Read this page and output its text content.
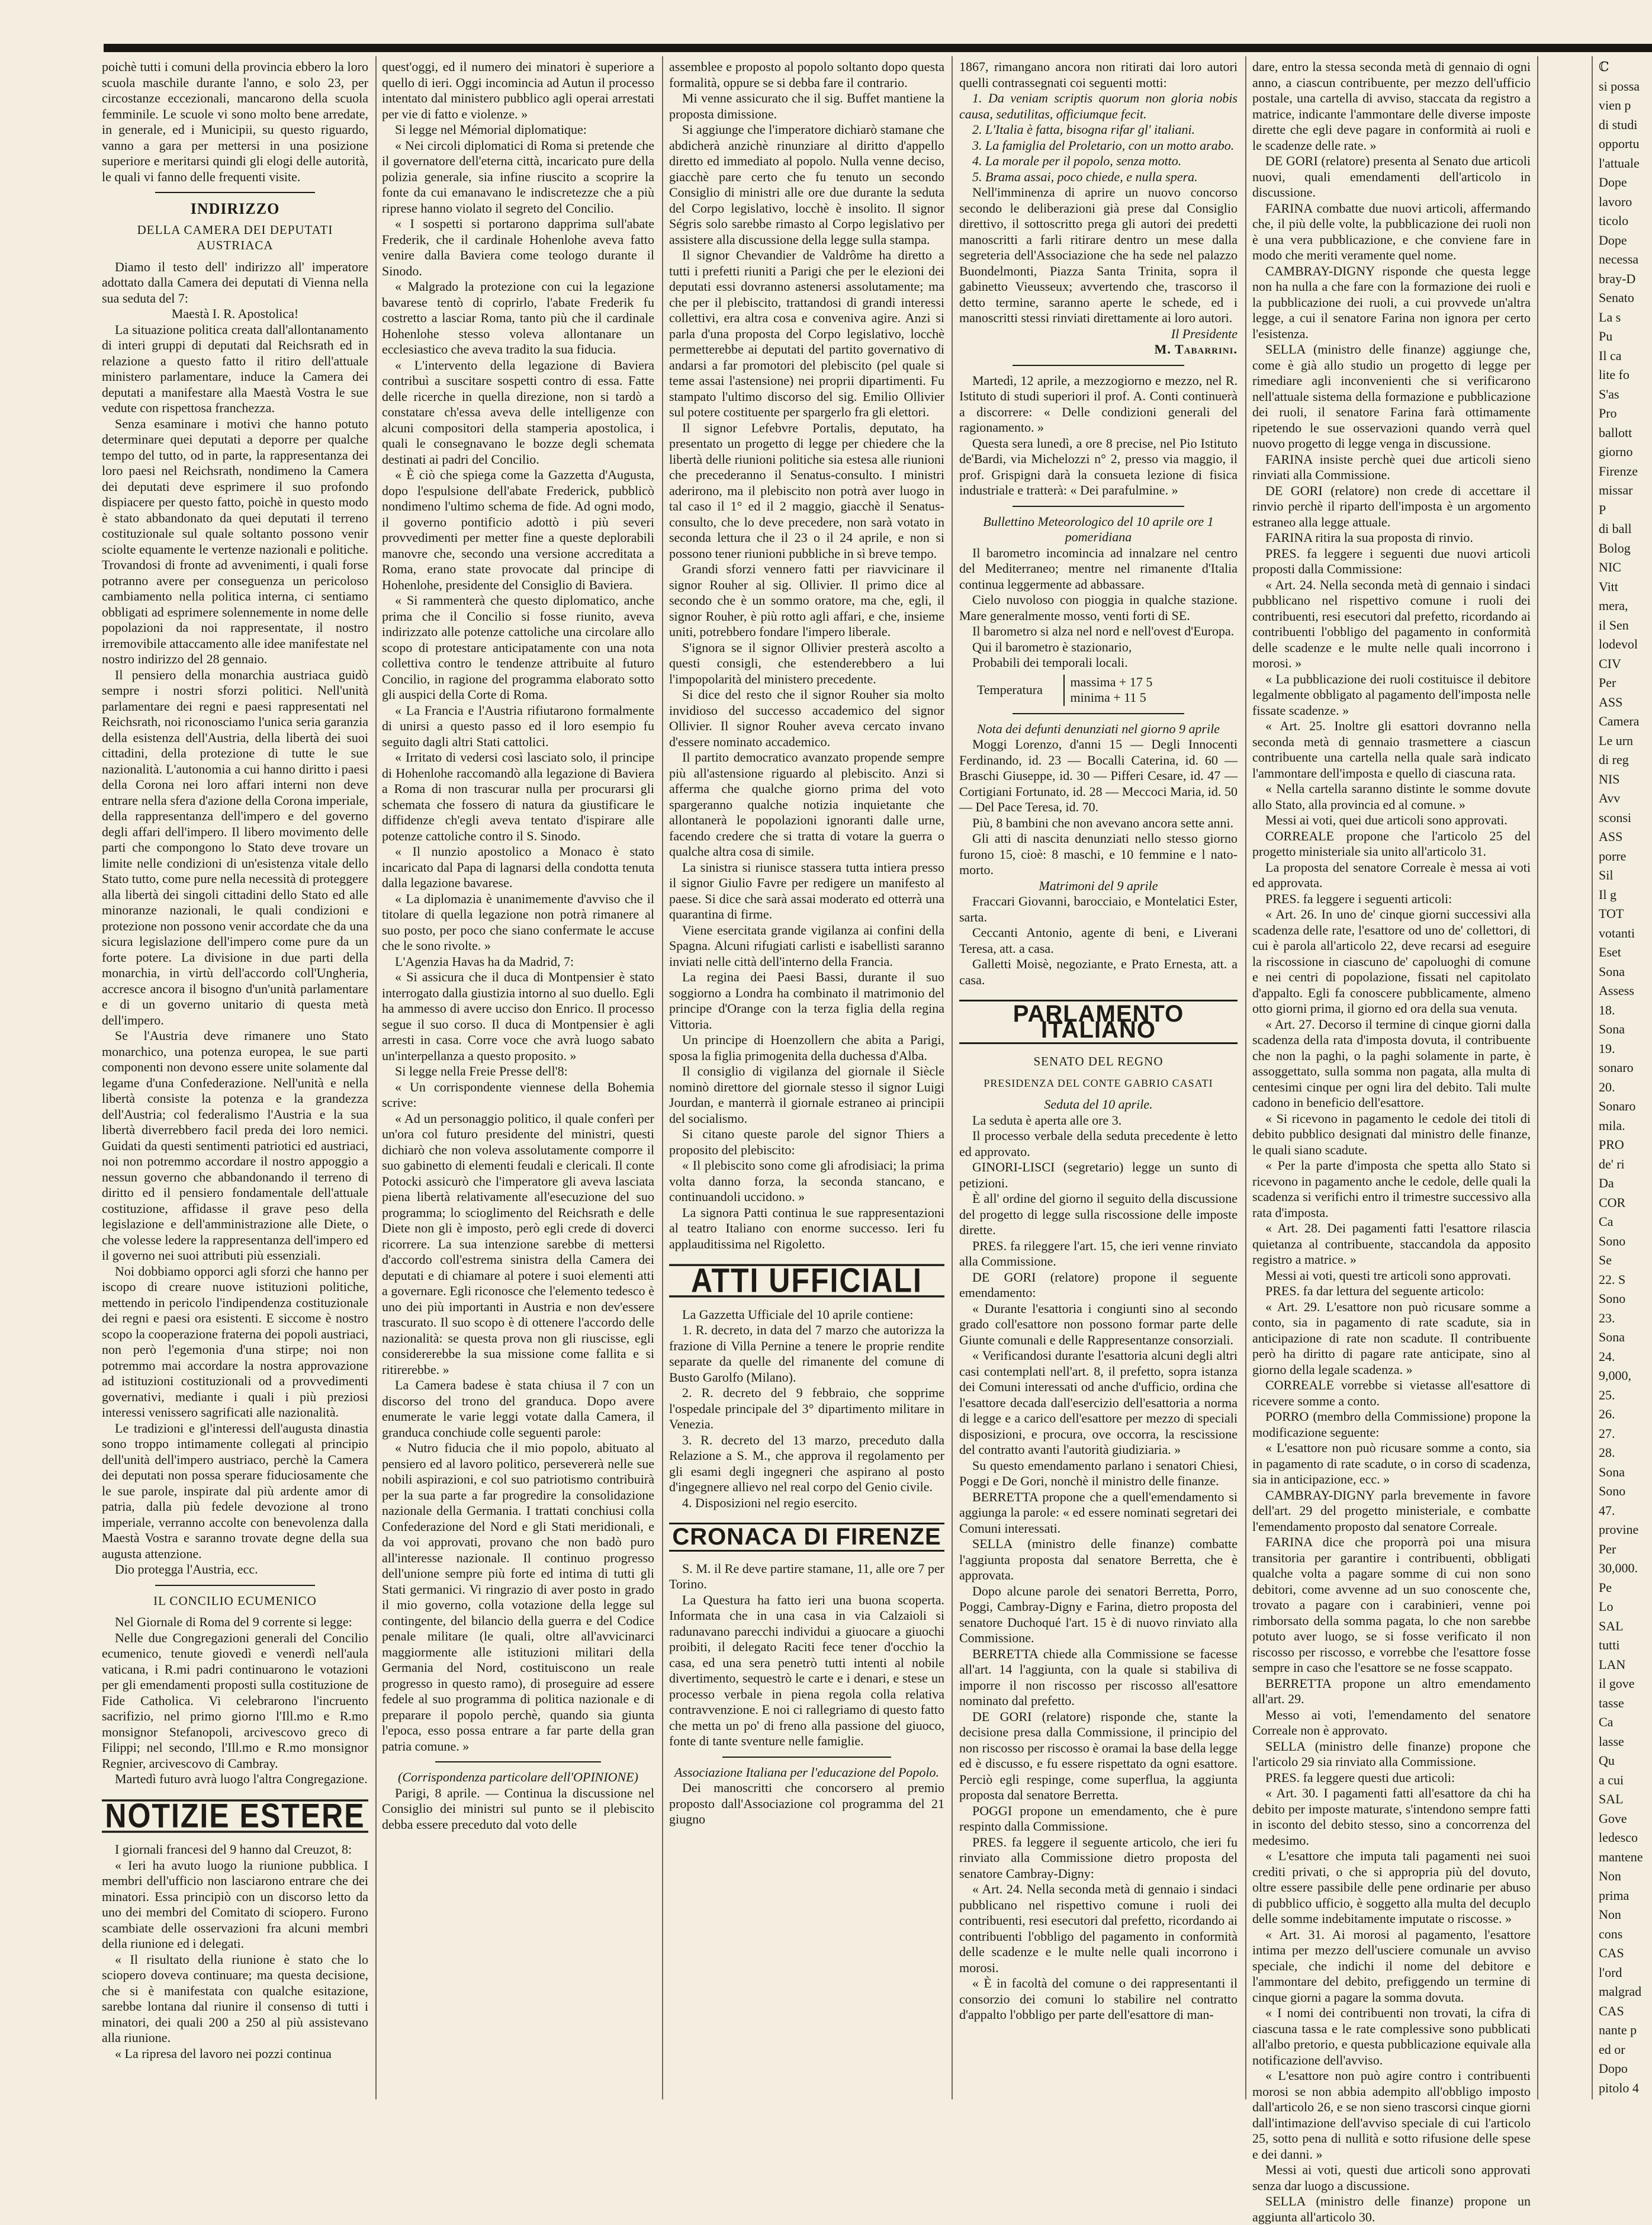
poichè tutti i comuni della provincia ebbero la loro scuola maschile durante l'anno, e solo 23, per circostanze eccezionali, mancarono della scuola femminile. Le scuole vi sono molto bene arredate, in generale, ed i Municipii, su questo riguardo, vanno a gara per mettersi in una posizione superiore e meritarsi quindi gli elogi delle autorità, le quali vi fanno delle frequenti visite.

INDIRIZZO
DELLA CAMERA DEI DEPUTATI AUSTRIACA

Diamo il testo dell' indirizzo all' imperatore adottato dalla Camera dei deputati di Vienna nella sua seduta del 7:

Maestà I. R. Apostolica!

La situazione politica creata dall'allontanamento di interi gruppi di deputati dal Reichsrath ed in relazione a questo fatto il ritiro dell'attuale ministero parlamentare, induce la Camera dei deputati a manifestare alla Maestà Vostra le sue vedute con rispettosa franchezza.

Senza esaminare i motivi che hanno potuto determinare quei deputati a deporre per qualche tempo del tutto, od in parte, la rappresentanza dei loro paesi nel Reichsrath, nondimeno la Camera dei deputati deve esprimere il suo profondo dispiacere per questo fatto, poichè in questo modo è stato abbandonato da quei deputati il terreno costituzionale sul quale soltanto possono venir sciolte equamente le vertenze nazionali e politiche. Trovandosi di fronte ad avvenimenti, i quali forse potranno avere per conseguenza un pericoloso cambiamento nella politica interna, ci sentiamo obbligati ad esprimere solennemente in nome delle popolazioni da noi rappresentate, il nostro irremovibile attaccamento alle idee manifestate nel nostro indirizzo del 28 gennaio.

Il pensiero della monarchia austriaca guidò sempre i nostri sforzi politici. Nell'unità parlamentare dei regni e paesi rappresentati nel Reichsrath, noi riconosciamo l'unica seria garanzia della esistenza dell'Austria, della libertà dei suoi cittadini, della protezione di tutte le sue nazionalità. L'autonomia a cui hanno diritto i paesi della Corona nei loro affari interni non deve entrare nella sfera d'azione della Corona imperiale, della rappresentanza dell'impero e del governo degli affari dell'impero. Il libero movimento delle parti che compongono lo Stato deve trovare un limite nelle condizioni di un'esistenza vitale dello Stato tutto, come pure nella necessità di proteggere alla libertà dei singoli cittadini dello Stato ed alle minoranze nazionali, le quali condizioni e protezione non possono venir accordate che da una sicura legislazione dell'impero come pure da un forte potere. La divisione in due parti della monarchia, in virtù dell'accordo coll'Ungheria, accresce ancora il bisogno d'un'unità parlamentare e di un governo unitario di questa metà dell'impero.

Se l'Austria deve rimanere uno Stato monarchico, una potenza europea, le sue parti componenti non devono essere unite solamente dal legame d'una Confederazione. Nell'unità e nella libertà consiste la potenza e la grandezza dell'Austria; col federalismo l'Austria e la sua libertà diverrebbero facil preda dei loro nemici. Guidati da questi sentimenti patriotici ed austriaci, noi non potremmo accordare il nostro appoggio a nessun governo che abbandonando il terreno di diritto ed il pensiero fondamentale dell'attuale costituzione, affidasse il grave peso della legislazione e dell'amministrazione alle Diete, o che volesse ledere la rappresentanza dell'impero ed il governo nei suoi attributi più essenziali.

Noi dobbiamo opporci agli sforzi che hanno per iscopo di creare nuove istituzioni politiche, mettendo in pericolo l'indipendenza costituzionale dei regni e paesi ora esistenti. E siccome è nostro scopo la cooperazione fraterna dei popoli austriaci, non però l'egemonia d'una stirpe; noi non potremmo mai accordare la nostra approvazione ad istituzioni costituzionali od a provvedimenti governativi, mediante i quali i più preziosi interessi venissero sagrificati alle nazionalità.

Le tradizioni e gl'interessi dell'augusta dinastia sono troppo intimamente collegati al principio dell'unità dell'impero austriaco, perchè la Camera dei deputati non possa sperare fiduciosamente che le sue parole, inspirate dal più ardente amor di patria, dalla più fedele devozione al trono imperiale, verranno accolte con benevolenza dalla Maestà Vostra e saranno trovate degne della sua augusta attenzione.

Dio protegga l'Austria, ecc.

IL CONCILIO ECUMENICO

Nel Giornale di Roma del 9 corrente si legge:

Nelle due Congregazioni generali del Concilio ecumenico, tenute giovedì e venerdì nell'aula vaticana, i R.mi padri continuarono le votazioni per gli emendamenti proposti sulla costituzione de Fide Catholica. Vi celebrarono l'incruento sacrifizio, nel primo giorno l'Ill.mo e R.mo monsignor Stefanopoli, arcivescovo greco di Filippi; nel secondo, l'Ill.mo e R.mo monsignor Regnier, arcivescovo di Cambray.

Martedì futuro avrà luogo l'altra Congregazione.

NOTIZIE ESTERE

I giornali francesi del 9 hanno dal Creuzot, 8:

« Ieri ha avuto luogo la riunione pubblica. I membri dell'ufficio non lasciarono entrare che dei minatori. Essa principiò con un discorso letto da uno dei membri del Comitato di sciopero. Furono scambiate delle osservazioni fra alcuni membri della riunione ed i delegati.

« Il risultato della riunione è stato che lo sciopero doveva continuare; ma questa decisione, che si è manifestata con qualche esitazione, sarebbe lontana dal riunire il consenso di tutti i minatori, dei quali 200 a 250 al più assistevano alla riunione.

« La ripresa del lavoro nei pozzi continua

quest'oggi, ed il numero dei minatori è superiore a quello di ieri. Oggi incomincia ad Autun il processo intentato dal ministero pubblico agli operai arrestati per vie di fatto e violenze. »

Si legge nel Mémorial diplomatique:

« Nei circoli diplomatici di Roma si pretende che il governatore dell'eterna città, incaricato pure della polizia generale, sia infine riuscito a scoprire la fonte da cui emanavano le indiscretezze che a più riprese hanno violato il segreto del Concilio.

« I sospetti si portarono dapprima sull'abate Frederik, che il cardinale Hohenlohe aveva fatto venire dalla Baviera come teologo durante il Sinodo.

« Malgrado la protezione con cui la legazione bavarese tentò di coprirlo, l'abate Frederik fu costretto a lasciar Roma, tanto più che il cardinale Hohenlohe stesso voleva allontanare un ecclesiastico che aveva tradito la sua fiducia.

« L'intervento della legazione di Baviera contribuì a suscitare sospetti contro di essa. Fatte delle ricerche in quella direzione, non si tardò a constatare ch'essa aveva delle intelligenze con alcuni compositori della stamperia apostolica, i quali le consegnavano le bozze degli schemata destinati ai padri del Concilio.

« È ciò che spiega come la Gazzetta d'Augusta, dopo l'espulsione dell'abate Frederick, pubblicò nondimeno l'ultimo schema de fide. Ad ogni modo, il governo pontificio adottò i più severi provvedimenti per metter fine a queste deplorabili manovre che, secondo una versione accreditata a Roma, erano state provocate dal principe di Hohenlohe, presidente del Consiglio di Baviera.

« Si rammenterà che questo diplomatico, anche prima che il Concilio si fosse riunito, aveva indirizzato alle potenze cattoliche una circolare allo scopo di protestare anticipatamente con una nota collettiva contro le tendenze attribuite al futuro Concilio, in ragione del programma elaborato sotto gli auspici della Corte di Roma.

« La Francia e l'Austria rifiutarono formalmente di unirsi a questo passo ed il loro esempio fu seguito dagli altri Stati cattolici.

« Irritato di vedersi così lasciato solo, il principe di Hohenlohe raccomandò alla legazione di Baviera a Roma di non trascurar nulla per procurarsi gli schemata che fossero di natura da giustificare le diffidenze ch'egli aveva tentato d'ispirare alle potenze cattoliche contro il S. Sinodo.

« Il nunzio apostolico a Monaco è stato incaricato dal Papa di lagnarsi della condotta tenuta dalla legazione bavarese.

« La diplomazia è unanimemente d'avviso che il titolare di quella legazione non potrà rimanere al suo posto, per poco che siano confermate le accuse che le sono rivolte. »

L'Agenzia Havas ha da Madrid, 7:

« Si assicura che il duca di Montpensier è stato interrogato dalla giustizia intorno al suo duello. Egli ha ammesso di avere ucciso don Enrico. Il processo segue il suo corso. Il duca di Montpensier è agli arresti in casa. Corre voce che avrà luogo sabato un'interpellanza a questo proposito. »

Si legge nella Freie Presse dell'8:

« Un corrispondente viennese della Bohemia scrive:

« Ad un personaggio politico, il quale conferì per un'ora col futuro presidente del ministri, questi dichiarò che non voleva assolutamente comporre il suo gabinetto di elementi feudali e clericali. Il conte Potocki assicurò che l'imperatore gli aveva lasciata piena libertà relativamente all'esecuzione del suo programma; lo scioglimento del Reichsrath e delle Diete non gli è imposto, però egli crede di doverci ricorrere. La sua intenzione sarebbe di mettersi d'accordo coll'estrema sinistra della Camera dei deputati e di chiamare al potere i suoi elementi atti a governare. Egli riconosce che l'elemento tedesco è uno dei più importanti in Austria e non dev'essere trascurato. Il suo scopo è di ottenere l'accordo delle nazionalità: se questa prova non gli riuscisse, egli considererebbe la sua missione come fallita e si ritirerebbe. »

La Camera badese è stata chiusa il 7 con un discorso del trono del granduca. Dopo avere enumerate le varie leggi votate dalla Camera, il granduca conchiude colle seguenti parole:

« Nutro fiducia che il mio popolo, abituato al pensiero ed al lavoro politico, persevererà nelle sue nobili aspirazioni, e col suo patriotismo contribuirà per la sua parte a far progredire la consolidazione nazionale della Germania. I trattati conchiusi colla Confederazione del Nord e gli Stati meridionali, e da voi approvati, provano che non badò puro all'interesse nazionale. Il continuo progresso dell'unione sempre più forte ed intima di tutti gli Stati germanici. Vi ringrazio di aver posto in grado il mio governo, colla votazione della legge sul contingente, del bilancio della guerra e del Codice penale militare (le quali, oltre all'avvicinarci maggiormente alle istituzioni militari della Germania del Nord, costituiscono un reale progresso in questo ramo), di proseguire ad essere fedele al suo programma di politica nazionale e di preparare il popolo perchè, quando sia giunta l'epoca, esso possa entrare a far parte della gran patria comune. »

(Corrispondenza particolare dell'OPINIONE)

Parigi, 8 aprile. — Continua la discussione nel Consiglio dei ministri sul punto se il plebiscito debba essere preceduto dal voto delle

assemblee e proposto al popolo soltanto dopo questa formalità, oppure se si debba fare il contrario.

Mi venne assicurato che il sig. Buffet mantiene la proposta dimissione.

Si aggiunge che l'imperatore dichiarò stamane che abdicherà anzichè rinunziare al diritto d'appello diretto ed immediato al popolo. Nulla venne deciso, giacchè pare certo che fu tenuto un secondo Consiglio di ministri alle ore due durante la seduta del Corpo legislativo, locchè è insolito. Il signor Ségris solo sarebbe rimasto al Corpo legislativo per assistere alla discussione della legge sulla stampa.

Il signor Chevandier de Valdrôme ha diretto a tutti i prefetti riuniti a Parigi che per le elezioni dei deputati essi dovranno astenersi assolutamente; ma che per il plebiscito, trattandosi di grandi interessi collettivi, era altra cosa e conveniva agire. Anzi si parla d'una proposta del Corpo legislativo, locchè permetterebbe ai deputati del partito governativo di andarsi a far promotori del plebiscito (pel quale si teme assai l'astensione) nei proprii dipartimenti. Fu stampato l'ultimo discorso del sig. Emilio Ollivier sul potere costituente per spargerlo fra gli elettori.

Il signor Lefebvre Portalis, deputato, ha presentato un progetto di legge per chiedere che la libertà delle riunioni politiche sia estesa alle riunioni che precederanno il Senatus-consulto. I ministri aderirono, ma il plebiscito non potrà aver luogo in tal caso il 1° ed il 2 maggio, giacchè il Senatus-consulto, che lo deve precedere, non sarà votato in seconda lettura che il 23 o il 24 aprile, e non si possono tener riunioni pubbliche in sì breve tempo.

Grandi sforzi vennero fatti per riavvicinare il signor Rouher al sig. Ollivier. Il primo dice al secondo che è un sommo oratore, ma che, egli, il signor Rouher, è più rotto agli affari, e che, insieme uniti, potrebbero fondare l'impero liberale.

S'ignora se il signor Ollivier presterà ascolto a questi consigli, che estenderebbero a lui l'impopolarità del ministero precedente.

Si dice del resto che il signor Rouher sia molto invidioso del successo accademico del signor Ollivier. Il signor Rouher aveva cercato invano d'essere nominato accademico.

Il partito democratico avanzato propende sempre più all'astensione riguardo al plebiscito. Anzi si afferma che qualche giorno prima del voto spargeranno qualche notizia inquietante che allontanerà le popolazioni ignoranti dalle urne, facendo credere che si tratta di votare la guerra o qualche altra cosa di simile.

La sinistra si riunisce stassera tutta intiera presso il signor Giulio Favre per redigere un manifesto al paese. Si dice che sarà assai moderato ed otterrà una quarantina di firme.

Viene esercitata grande vigilanza ai confini della Spagna. Alcuni rifugiati carlisti e isabellisti saranno inviati nelle città dell'interno della Francia.

La regina dei Paesi Bassi, durante il suo soggiorno a Londra ha combinato il matrimonio del principe d'Orange con la terza figlia della regina Vittoria.

Un principe di Hoenzollern che abita a Parigi, sposa la figlia primogenita della duchessa d'Alba.

Il consiglio di vigilanza del giornale il Siècle nominò direttore del giornale stesso il signor Luigi Jourdan, e manterrà il giornale estraneo ai principii del socialismo.

Si citano queste parole del signor Thiers a proposito del plebiscito:

« Il plebiscito sono come gli afrodisiaci; la prima volta danno forza, la seconda stancano, e continuandoli uccidono. »

La signora Patti continua le sue rappresentazioni al teatro Italiano con enorme successo. Ieri fu applauditissima nel Rigoletto.

ATTI UFFICIALI

La Gazzetta Ufficiale del 10 aprile contiene:

1. R. decreto, in data del 7 marzo che autorizza la frazione di Villa Pernine a tenere le proprie rendite separate da quelle del rimanente del comune di Busto Garolfo (Milano).

2. R. decreto del 9 febbraio, che sopprime l'ospedale principale del 3° dipartimento militare in Venezia.

3. R. decreto del 13 marzo, preceduto dalla Relazione a S. M., che approva il regolamento per gli esami degli ingegneri che aspirano al posto d'ingegnere allievo nel real corpo del Genio civile.

4. Disposizioni nel regio esercito.

CRONACA DI FIRENZE

S. M. il Re deve partire stamane, 11, alle ore 7 per Torino.

La Questura ha fatto ieri una buona scoperta. Informata che in una casa in via Calzaioli si radunavano parecchi individui a giuocare a giuochi proibiti, il delegato Raciti fece tener d'occhio la casa, ed una sera penetrò tutti intenti al nobile divertimento, sequestrò le carte e i denari, e stese un processo verbale in piena regola colla relativa contravvenzione. E noi ci rallegriamo di questo fatto che metta un po' di freno alla passione del giuoco, fonte di tante sventure nelle famiglie.

Associazione Italiana per l'educazione del Popolo.

Dei manoscritti che concorsero al premio proposto dall'Associazione col programma del 21 giugno

1867, rimangano ancora non ritirati dai loro autori quelli contrassegnati coi seguenti motti:

1. Da veniam scriptis quorum non gloria nobis causa, sedutilitas, officiumque fecit.

2. L'Italia è fatta, bisogna rifar gl' italiani.

3. La famiglia del Proletario, con un motto arabo.

4. La morale per il popolo, senza motto.

5. Brama assai, poco chiede, e nulla spera.

Nell'imminenza di aprire un nuovo concorso secondo le deliberazioni già prese dal Consiglio direttivo, il sottoscritto prega gli autori dei predetti manoscritti a farli ritirare dentro un mese dalla segreteria dell'Associazione che ha sede nel palazzo Buondelmonti, Piazza Santa Trinita, sopra il gabinetto Vieusseux; avvertendo che, trascorso il detto termine, saranno aperte le schede, ed i manoscritti stessi rinviati direttamente ai loro autori.

Il Presidente

M. Tabarrini.

Martedì, 12 aprile, a mezzogiorno e mezzo, nel R. Istituto di studi superiori il prof. A. Conti continuerà a discorrere: « Delle condizioni generali del ragionamento. »

Questa sera lunedì, a ore 8 precise, nel Pio Istituto de'Bardi, via Michelozzi n° 2, presso via maggio, il prof. Grispigni darà la consueta lezione di fisica industriale e tratterà: « Dei parafulmine. »

Bullettino Meteorologico del 10 aprile ore 1 pomeridiana

Il barometro incomincia ad innalzare nel centro del Mediterraneo; mentre nel rimanente d'Italia continua leggermente ad abbassare.

Cielo nuvoloso con pioggia in qualche stazione. Mare generalmente mosso, venti forti di SE.

Il barometro si alza nel nord e nell'ovest d'Europa.

Qui il barometro è stazionario,

Probabili dei temporali locali.

Temperatura
massima + 17 5
minima + 11 5

Nota dei defunti denunziati nel giorno 9 aprile

Moggi Lorenzo, d'anni 15 — Degli Innocenti Ferdinando, id. 23 — Bocalli Caterina, id. 60 — Braschi Giuseppe, id. 30 — Pifferi Cesare, id. 47 — Cortigiani Fortunato, id. 28 — Meccoci Maria, id. 50 — Del Pace Teresa, id. 70.

Più, 8 bambini che non avevano ancora sette anni.

Gli atti di nascita denunziati nello stesso giorno furono 15, cioè: 8 maschi, e 10 femmine e l nato-morto.

Matrimoni del 9 aprile

Fraccari Giovanni, barocciaio, e Montelatici Ester, sarta.

Ceccanti Antonio, agente di beni, e Liverani Teresa, att. a casa.

Galletti Moisè, negoziante, e Prato Ernesta, att. a casa.

PARLAMENTO ITALIANO
SENATO DEL REGNO
PRESIDENZA DEL CONTE GABRIO CASATI

Seduta del 10 aprile.

La seduta è aperta alle ore 3.

Il processo verbale della seduta precedente è letto ed approvato.

GINORI-LISCI (segretario) legge un sunto di petizioni.

È all' ordine del giorno il seguito della discussione del progetto di legge sulla riscossione delle imposte dirette.

PRES. fa rileggere l'art. 15, che ieri venne rinviato alla Commissione.

DE GORI (relatore) propone il seguente emendamento:

« Durante l'esattoria i congiunti sino al secondo grado coll'esattore non possono formar parte delle Giunte comunali e delle Rappresentanze consorziali.

« Verificandosi durante l'esattoria alcuni degli altri casi contemplati nell'art. 8, il prefetto, sopra istanza dei Comuni interessati od anche d'ufficio, ordina che l'esattore decada dall'esercizio dell'esattoria a norma di legge e a carico dell'esattore per mezzo di speciali disposizioni, e procura, ove occorra, la rescissione del contratto avanti l'autorità giudiziaria. »

Su questo emendamento parlano i senatori Chiesi, Poggi e De Gori, nonchè il ministro delle finanze.

BERRETTA propone che a quell'emendamento si aggiunga la parole: « ed essere nominati segretari dei Comuni interessati.

SELLA (ministro delle finanze) combatte l'aggiunta proposta dal senatore Berretta, che è approvata.

Dopo alcune parole dei senatori Berretta, Porro, Poggi, Cambray-Digny e Farina, dietro proposta del senatore Duchoqué l'art. 15 è di nuovo rinviato alla Commissione.

BERRETTA chiede alla Commissione se facesse all'art. 14 l'aggiunta, con la quale si stabiliva di imporre il non riscosso per riscosso all'esattore nominato dal prefetto.

DE GORI (relatore) risponde che, stante la decisione presa dalla Commissione, il principio del non riscosso per riscosso è oramai la base della legge ed è discusso, e fu essere rispettato da ogni esattore. Perciò egli respinge, come superflua, la aggiunta proposta dal senatore Berretta.

POGGI propone un emendamento, che è pure respinto dalla Commissione.

PRES. fa leggere il seguente articolo, che ieri fu rinviato alla Commissione dietro proposta del senatore Cambray-Digny:

« Art. 24. Nella seconda metà di gennaio i sindaci pubblicano nel rispettivo comune i ruoli dei contribuenti, resi esecutori dal prefetto, ricordando ai contribuenti l'obbligo del pagamento in conformità delle scadenze e le multe nelle quali incorrono i morosi.

« È in facoltà del comune o dei rappresentanti il consorzio dei comuni lo stabilire nel contratto d'appalto l'obbligo per parte dell'esattore di man-

dare, entro la stessa seconda metà di gennaio di ogni anno, a ciascun contribuente, per mezzo dell'ufficio postale, una cartella di avviso, staccata da registro a matrice, indicante l'ammontare delle diverse imposte dirette che egli deve pagare in conformità ai ruoli e le scadenze delle rate. »

DE GORI (relatore) presenta al Senato due articoli nuovi, quali emendamenti dell'articolo in discussione.

FARINA combatte due nuovi articoli, affermando che, il più delle volte, la pubblicazione dei ruoli non è una vera pubblicazione, e che conviene fare in modo che meriti veramente quel nome.

CAMBRAY-DIGNY risponde che questa legge non ha nulla a che fare con la formazione dei ruoli e la pubblicazione dei ruoli, a cui provvede un'altra legge, a cui il senatore Farina non ignora per certo l'esistenza.

SELLA (ministro delle finanze) aggiunge che, come è già allo studio un progetto di legge per rimediare agli inconvenienti che si verificarono nell'attuale sistema della formazione e pubblicazione dei ruoli, il senatore Farina farà ottimamente ripetendo le sue osservazioni quando verrà quel nuovo progetto di legge venga in discussione.

FARINA insiste perchè quei due articoli sieno rinviati alla Commissione.

DE GORI (relatore) non crede di accettare il rinvio perchè il riparto dell'imposta è un argomento estraneo alla legge attuale.

FARINA ritira la sua proposta di rinvio.

PRES. fa leggere i seguenti due nuovi articoli proposti dalla Commissione:

« Art. 24. Nella seconda metà di gennaio i sindaci pubblicano nel rispettivo comune i ruoli dei contribuenti, resi esecutori dal prefetto, ricordando ai contribuenti l'obbligo del pagamento in conformità delle scadenze e le multe nelle quali incorrono i morosi. »

« La pubblicazione dei ruoli costituisce il debitore legalmente obbligato al pagamento dell'imposta nelle fissate scadenze. »

« Art. 25. Inoltre gli esattori dovranno nella seconda metà di gennaio trasmettere a ciascun contribuente una cartella nella quale sarà indicato l'ammontare dell'imposta e quello di ciascuna rata.

« Nella cartella saranno distinte le somme dovute allo Stato, alla provincia ed al comune. »

Messi ai voti, quei due articoli sono approvati.

CORREALE propone che l'articolo 25 del progetto ministeriale sia unito all'articolo 31.

La proposta del senatore Correale è messa ai voti ed approvata.

PRES. fa leggere i seguenti articoli:

« Art. 26. In uno de' cinque giorni successivi alla scadenza delle rate, l'esattore od uno de' collettori, di cui è parola all'articolo 22, deve recarsi ad eseguire la riscossione in ciascuno de' capoluoghi di comune e nei centri di popolazione, fissati nel capitolato d'appalto. Egli fa conoscere pubblicamente, almeno otto giorni prima, il giorno ed ora della sua venuta.

« Art. 27. Decorso il termine di cinque giorni dalla scadenza della rata d'imposta dovuta, il contribuente che non la paghi, o la paghi solamente in parte, è assoggettato, sulla somma non pagata, alla multa di centesimi cinque per ogni lira del debito. Tali multe cadono in beneficio dell'esattore.

« Si ricevono in pagamento le cedole dei titoli di debito pubblico designati dal ministro delle finanze, le quali siano scadute.

« Per la parte d'imposta che spetta allo Stato si ricevono in pagamento anche le cedole, delle quali la scadenza si verifichi entro il trimestre successivo alla rata d'imposta.

« Art. 28. Dei pagamenti fatti l'esattore rilascia quietanza al contribuente, staccandola da apposito registro a matrice. »

Messi ai voti, questi tre articoli sono approvati.

PRES. fa dar lettura del seguente articolo:

« Art. 29. L'esattore non può ricusare somme a conto, sia in pagamento di rate scadute, sia in anticipazione di rate non scadute. Il contribuente però ha diritto di pagare rate anticipate, sino al giorno della legale scadenza. »

CORREALE vorrebbe si vietasse all'esattore di ricevere somme a conto.

PORRO (membro della Commissione) propone la modificazione seguente:

« L'esattore non può ricusare somme a conto, sia in pagamento di rate scadute, o in corso di scadenza, sia in anticipazione, ecc. »

CAMBRAY-DIGNY parla brevemente in favore dell'art. 29 del progetto ministeriale, e combatte l'emendamento proposto dal senatore Correale.

FARINA dice che proporrà poi una misura transitoria per garantire i contribuenti, obbligati qualche volta a pagare somme di cui non sono debitori, come avvenne ad un suo conoscente che, trovato a pagare con i carabinieri, venne poi rimborsato della somma pagata, lo che non sarebbe potuto aver luogo, se si fosse verificato il non riscosso per riscosso, e vorrebbe che l'esattore fosse sempre in caso che l'esattore se ne fosse scappato.

BERRETTA propone un altro emendamento all'art. 29.

Messo ai voti, l'emendamento del senatore Correale non è approvato.

SELLA (ministro delle finanze) propone che l'articolo 29 sia rinviato alla Commissione.

PRES. fa leggere questi due articoli:

« Art. 30. I pagamenti fatti all'esattore da chi ha debito per imposte maturate, s'intendono sempre fatti in isconto del debito stesso, sino a concorrenza del medesimo.

« L'esattore che imputa tali pagamenti nei suoi crediti privati, o che si appropria più del dovuto, oltre essere passibile delle pene ordinarie per abuso di pubblico ufficio, è soggetto alla multa del decuplo delle somme indebitamente imputate o riscosse. »

« Art. 31. Ai morosi al pagamento, l'esattore intima per mezzo dell'usciere comunale un avviso speciale, che indichi il nome del debitore e l'ammontare del debito, prefiggendo un termine di cinque giorni a pagare la somma dovuta.

« I nomi dei contribuenti non trovati, la cifra di ciascuna tassa e le rate complessive sono pubblicati all'albo pretorio, e questa pubblicazione equivale alla notificazione dell'avviso.

« L'esattore non può agire contro i contribuenti morosi se non abbia adempito all'obbligo imposto dall'articolo 26, e se non sieno trascorsi cinque giorni dall'intimazione dell'avviso speciale di cui l'articolo 25, sotto pena di nullità e sotto rifusione delle spese e dei danni. »

Messi ai voti, questi due articoli sono approvati senza dar luogo a discussione.

SELLA (ministro delle finanze) propone un aggiunta all'articolo 30.

ℂ

si possa

vien p

di studi

opportu

l'attuale

Dope

lavoro

ticolo

Dope

necessa

bray-D

Senato

La s

Pu

Il ca

lite fo

S'as

Pro

ballott

giorno

Firenze

missar

P

di ball

Bolog

NIC

Vitt

mera,

il Sen

lodevol

CIV

Per

ASS

Camera

Le urn

di reg

NIS

Avv

sconsi

ASS

porre

Sil

Il g

TOT

votanti

Eset

Sona

Assess

18.

Sona

19.

sonaro

20.

Sonaro

mila.

PRO

de' ri

Da

COR

Ca

Sono

Se

22. S

Sono

23.

Sona

24.

9,000,

25.

26.

27.

28.

Sona

Sono

47.

provine

Per

30,000.

Pe

Lo

SAL

tutti

LAN

il gove

tasse

Ca

lasse

Qu

a cui

SAL

Gove

ledesco

mantene

Non

prima

Non

cons

CAS

l'ord

malgrad

CAS

nante p

ed or

Dopo

pitolo 4
